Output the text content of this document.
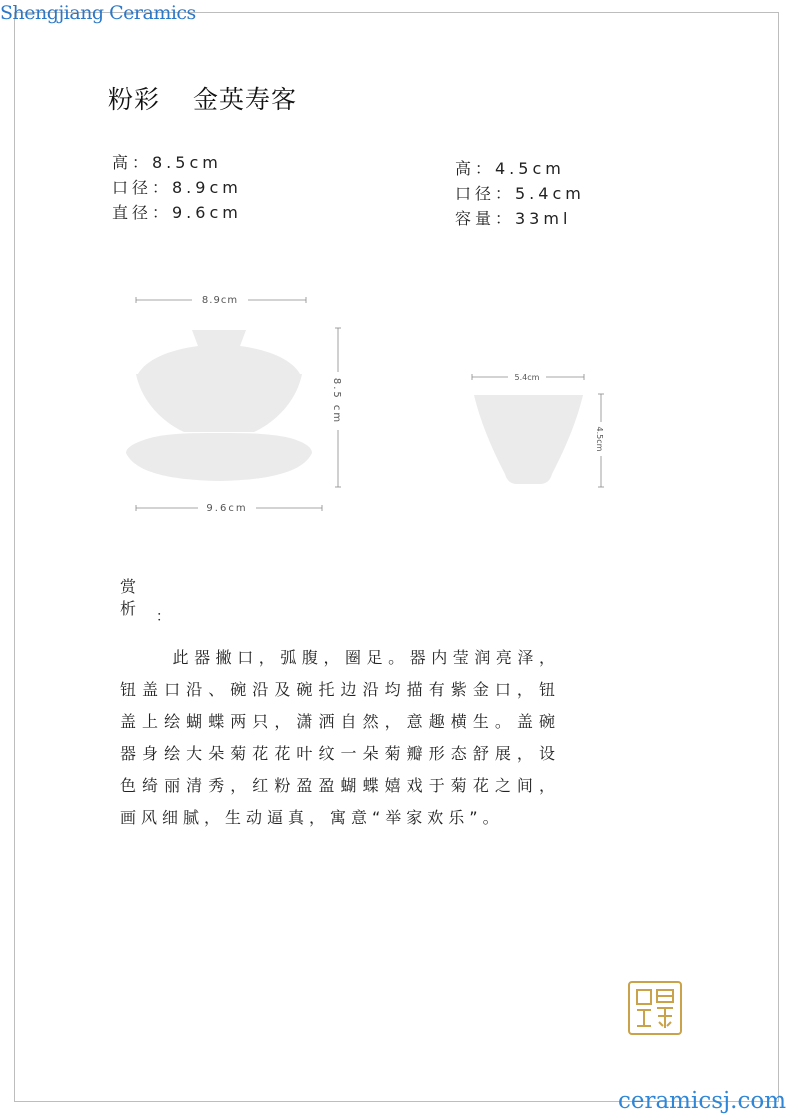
Shengjiang Ceramics
粉彩 金英寿客
高：8.5cm
口径：8.9cm
直径：9.6cm
高：4.5cm
口径：5.4cm
容量：33ml
8.9cm
8.5 cm
9.6cm
5.4cm
4.5cm
赏
析 ：
此器撇口，弧腹，圈足。器内莹润亮泽，钮盖口沿、碗沿及碗托边沿均描有紫金口，钮盖上绘蝴蝶两只，潇洒自然，意趣横生。盖碗器身绘大朵菊花花叶纹一朵菊瓣形态舒展，设色绮丽清秀，红粉盈盈蝴蝶嬉戏于菊花之间，画风细腻，生动逼真，寓意“举家欢乐”。
ceramicsj.com
